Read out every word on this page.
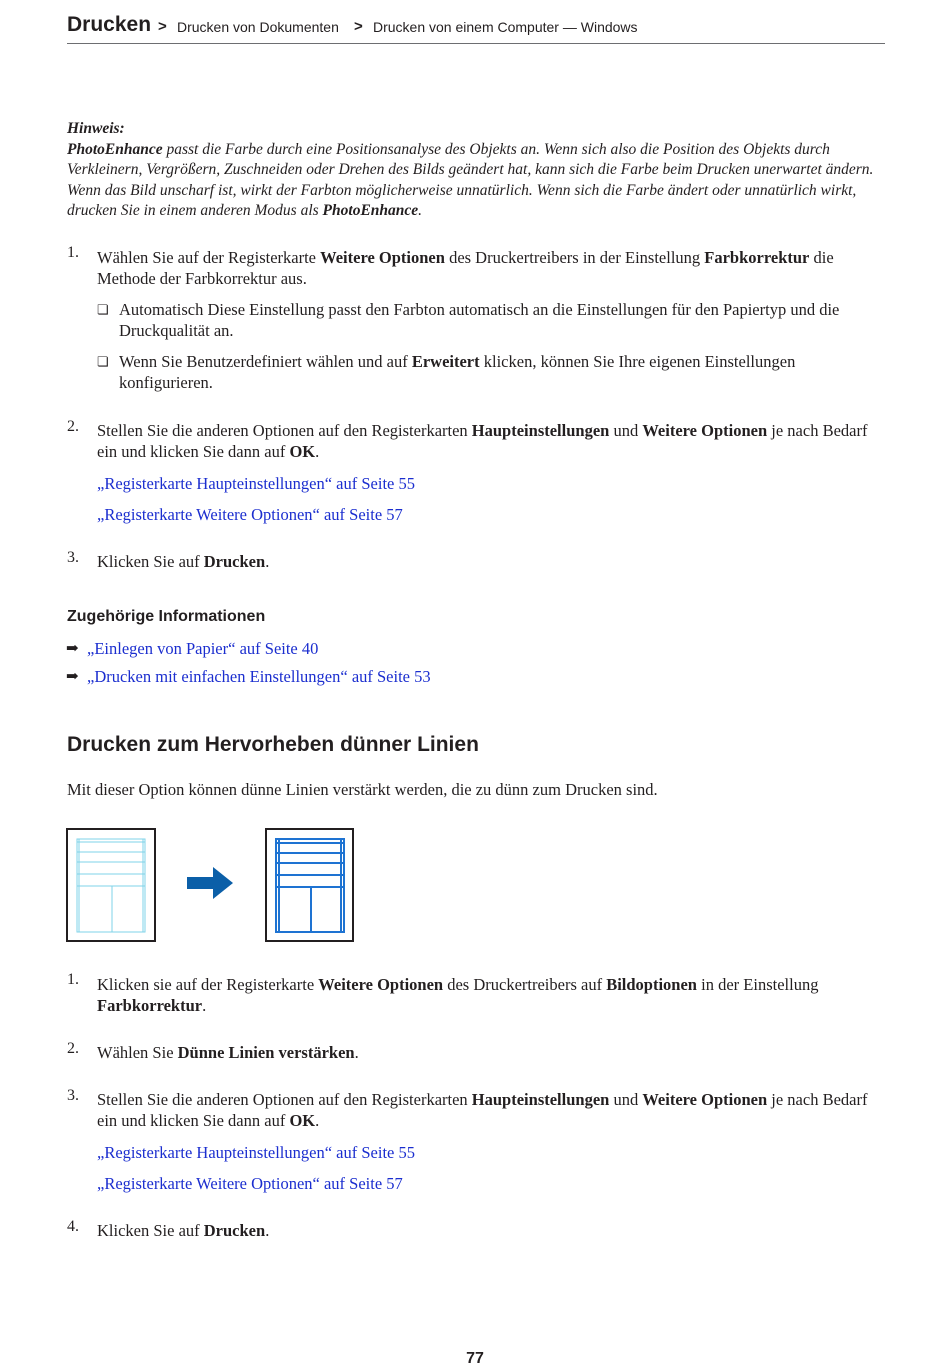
Drucken > Drucken von Dokumenten > Drucken von einem Computer — Windows
Hinweis:
PhotoEnhance passt die Farbe durch eine Positionsanalyse des Objekts an. Wenn sich also die Position des Objekts durch Verkleinern, Vergrößern, Zuschneiden oder Drehen des Bilds geändert hat, kann sich die Farbe beim Drucken unerwartet ändern. Wenn das Bild unscharf ist, wirkt der Farbton möglicherweise unnatürlich. Wenn sich die Farbe ändert oder unnatürlich wirkt, drucken Sie in einem anderen Modus als PhotoEnhance.
1. Wählen Sie auf der Registerkarte Weitere Optionen des Druckertreibers in der Einstellung Farbkorrektur die Methode der Farbkorrektur aus.
❏ Automatisch Diese Einstellung passt den Farbton automatisch an die Einstellungen für den Papiertyp und die Druckqualität an.
❏ Wenn Sie Benutzerdefiniert wählen und auf Erweitert klicken, können Sie Ihre eigenen Einstellungen konfigurieren.
2. Stellen Sie die anderen Optionen auf den Registerkarten Haupteinstellungen und Weitere Optionen je nach Bedarf ein und klicken Sie dann auf OK.
„Registerkarte Haupteinstellungen“ auf Seite 55
„Registerkarte Weitere Optionen“ auf Seite 57
3. Klicken Sie auf Drucken.
Zugehörige Informationen
➡ „Einlegen von Papier“ auf Seite 40
➡ „Drucken mit einfachen Einstellungen“ auf Seite 53
Drucken zum Hervorheben dünner Linien
Mit dieser Option können dünne Linien verstärkt werden, die zu dünn zum Drucken sind.
1. Klicken sie auf der Registerkarte Weitere Optionen des Druckertreibers auf Bildoptionen in der Einstellung Farbkorrektur.
2. Wählen Sie Dünne Linien verstärken.
3. Stellen Sie die anderen Optionen auf den Registerkarten Haupteinstellungen und Weitere Optionen je nach Bedarf ein und klicken Sie dann auf OK.
„Registerkarte Haupteinstellungen“ auf Seite 55
„Registerkarte Weitere Optionen“ auf Seite 57
4. Klicken Sie auf Drucken.
77
